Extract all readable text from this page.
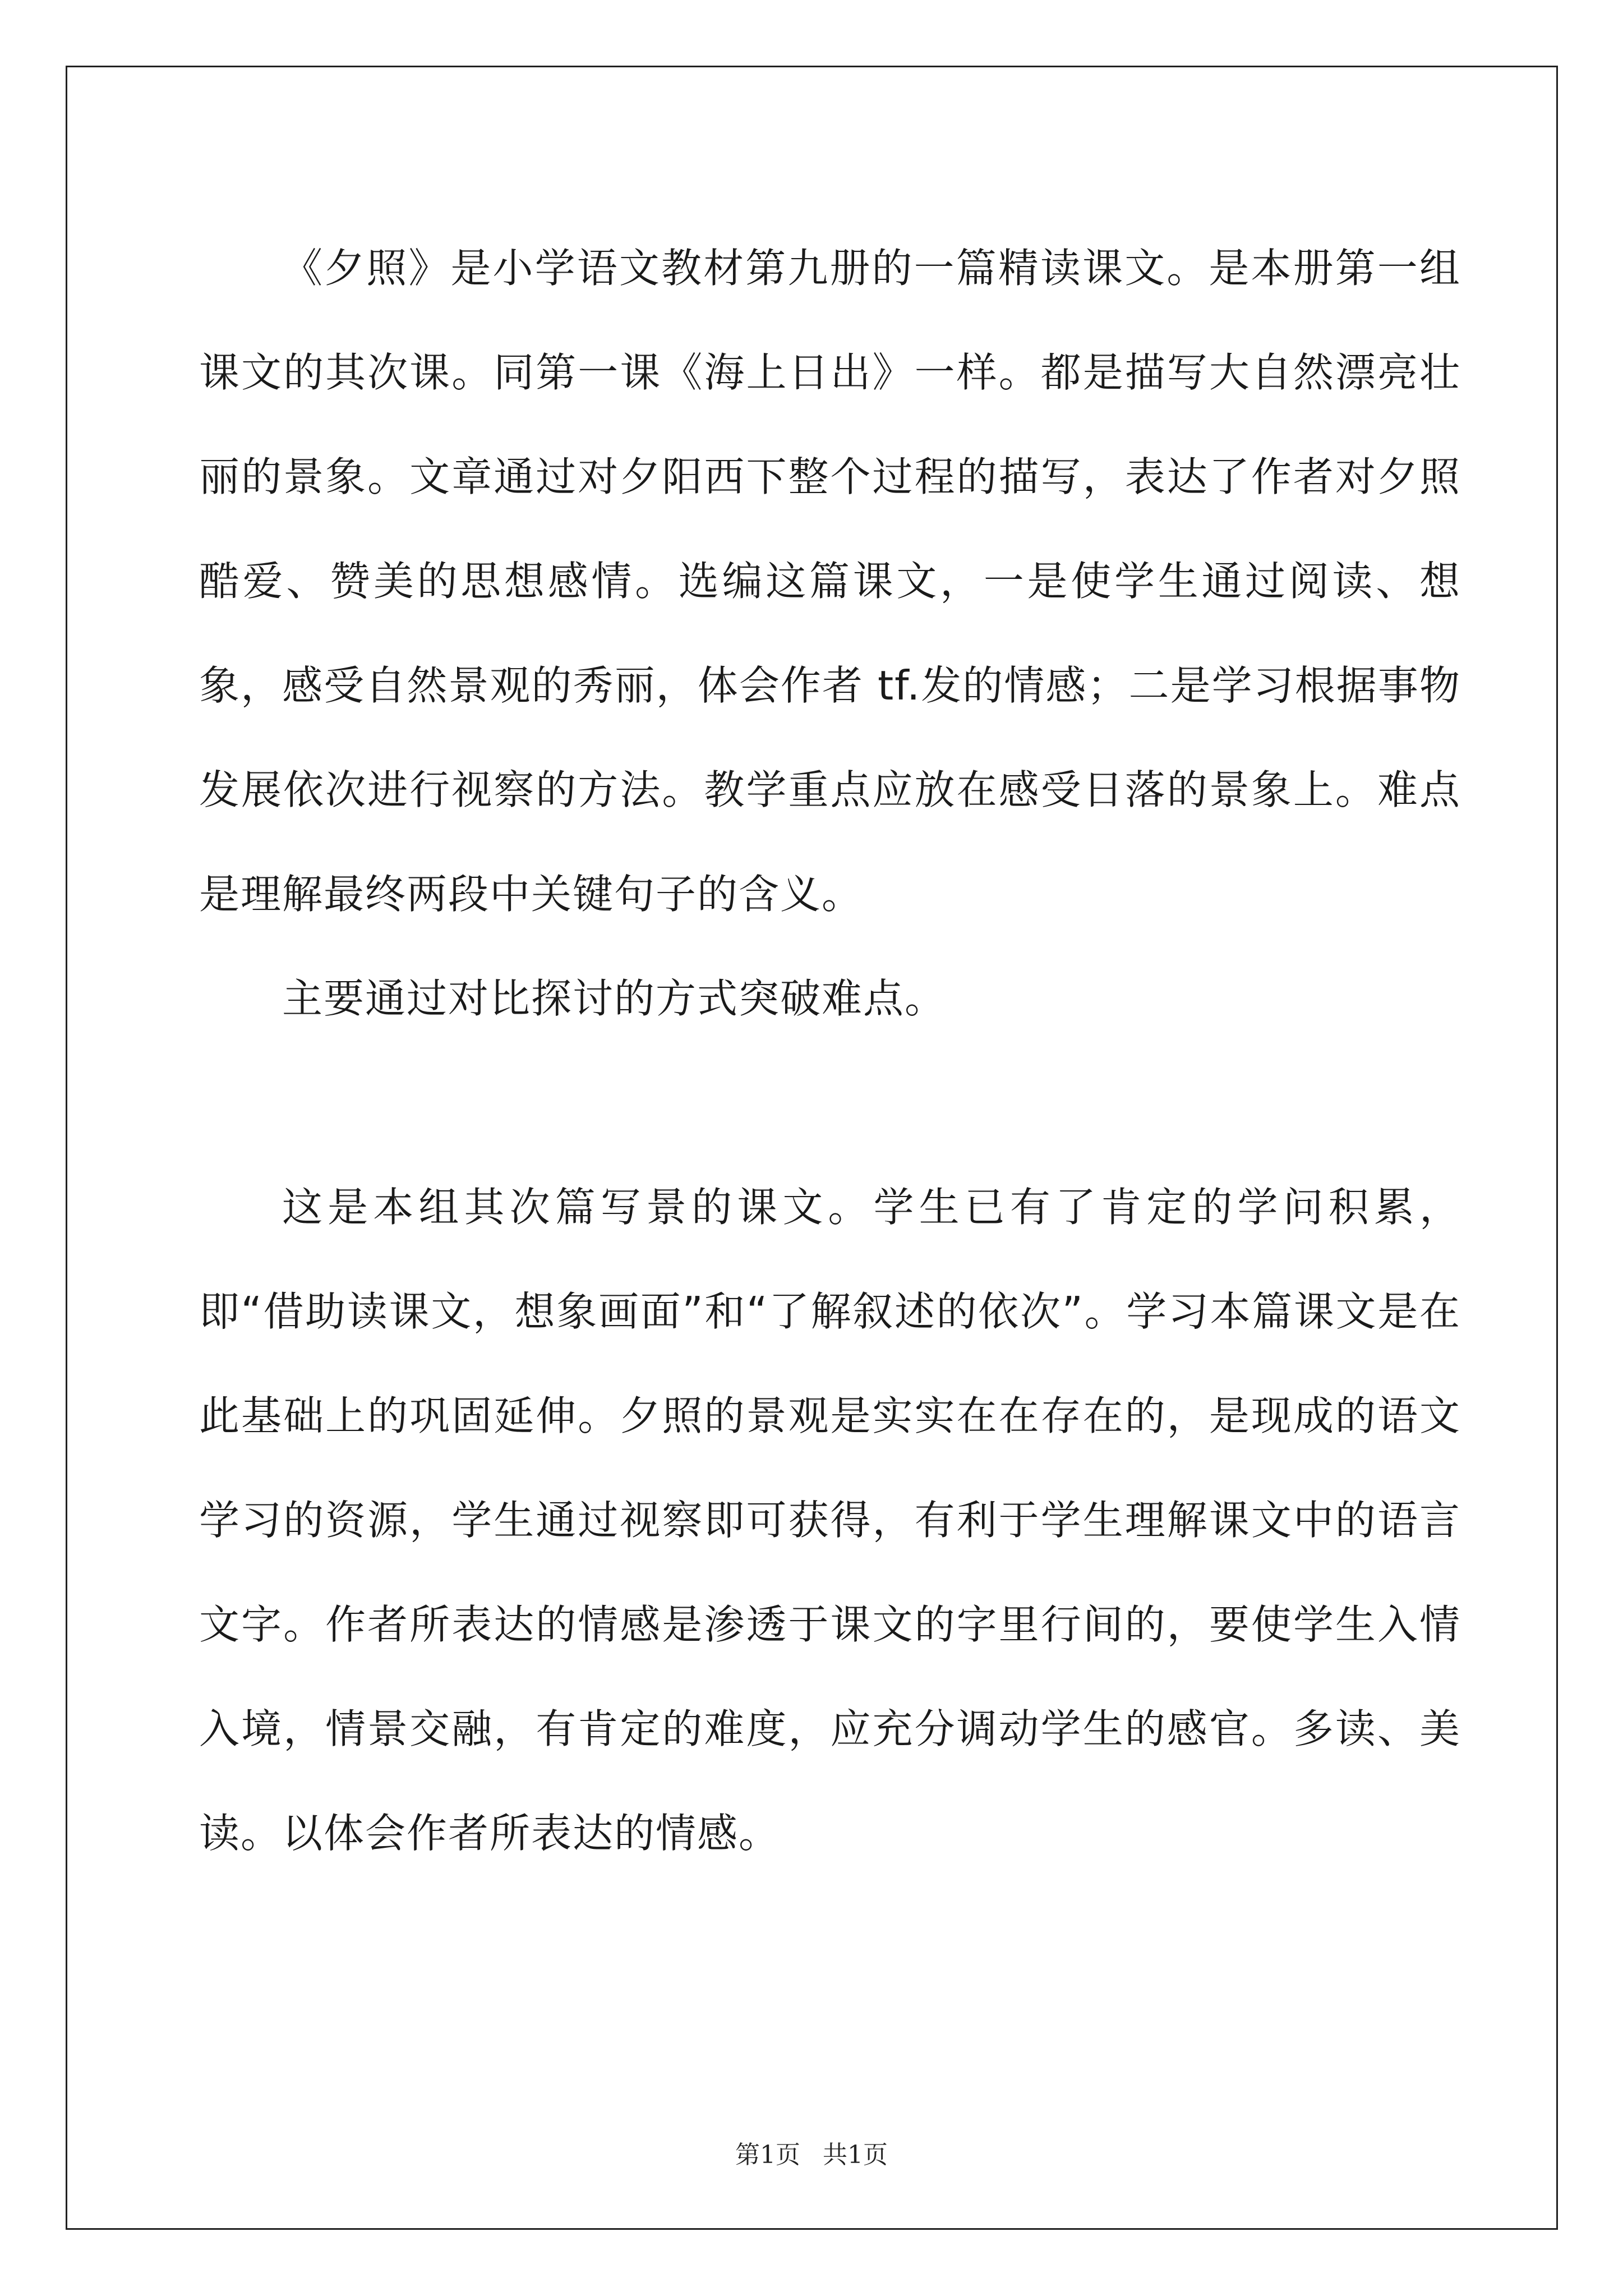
《夕照》是小学语文教材第九册的一篇精读课文。是本册第一组课文的其次课。同第一课《海上日出》一样。都是描写大自然漂亮壮丽的景象。文章通过对夕阳西下整个过程的描写，表达了作者对夕照酷爱、赞美的思想感情。选编这篇课文，一是使学生通过阅读、想象，感受自然景观的秀丽，体会作者 tf.发的情感；二是学习根据事物发展依次进行视察的方法。教学重点应放在感受日落的景象上。难点是理解最终两段中关键句子的含义。

主要通过对比探讨的方式突破难点。

这是本组其次篇写景的课文。学生已有了肯定的学问积累，即“借助读课文，想象画面”和“了解叙述的依次”。学习本篇课文是在此基础上的巩固延伸。夕照的景观是实实在在存在的，是现成的语文学习的资源，学生通过视察即可获得，有利于学生理解课文中的语言文字。作者所表达的情感是渗透于课文的字里行间的，要使学生入情入境，情景交融，有肯定的难度，应充分调动学生的感官。多读、美读。以体会作者所表达的情感。

第1页 共1页
